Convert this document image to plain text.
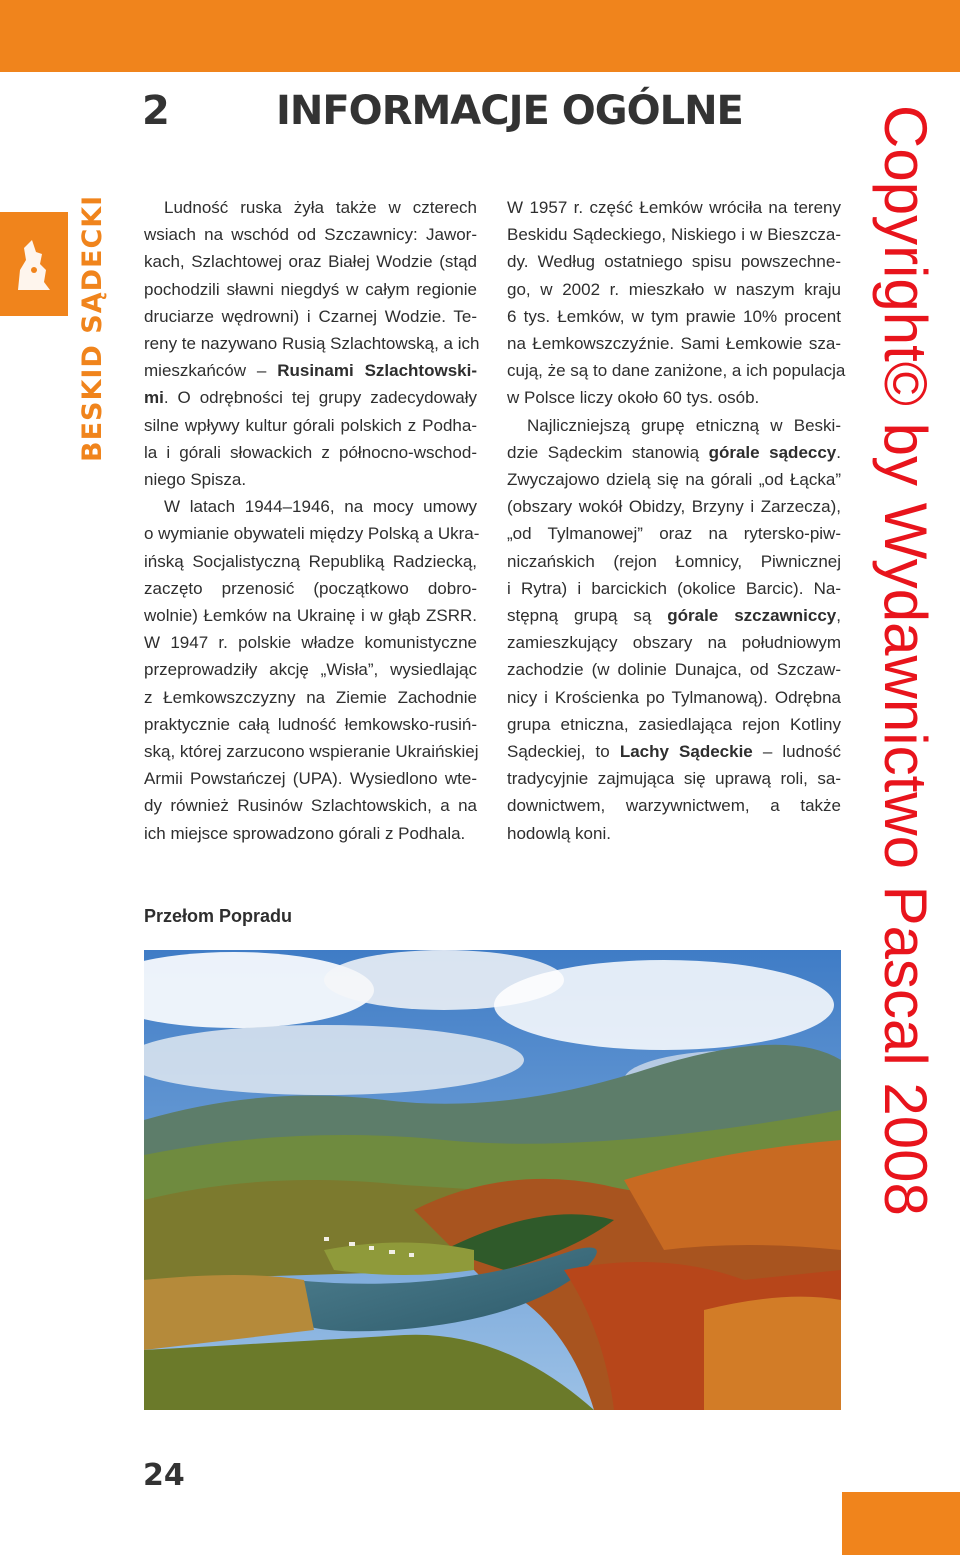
BESKID SĄDECKI
2	INFORMACJE OGÓLNE

Ludność ruska żyła także w czterech
wsiach na wschód od Szczawnicy: Jawor-
kach, Szlachtowej oraz Białej Wodzie (stąd
pochodzili sławni niegdyś w całym regionie
druciarze wędrowni) i Czarnej Wodzie. Te-
reny te nazywano Rusią Szlachtowską, a ich
mieszkańców – Rusinami Szlachtowski-
mi. O odrębności tej grupy zadecydowały
silne wpływy kultur górali polskich z Podha-
la i górali słowackich z północno-wschod-
niego Spisza.

W latach 1944–1946, na mocy umowy
o wymianie obywateli między Polską a Ukra-
ińską Socjalistyczną Republiką Radziecką,
zaczęto przenosić (początkowo dobro-
wolnie) Łemków na Ukrainę i w głąb ZSRR.
W 1947 r. polskie władze komunistyczne
przeprowadziły akcję „Wisła”, wysiedlając
z Łemkowszczyzny na Ziemie Zachodnie
praktycznie całą ludność łemkowsko-rusiń-
ską, której zarzucono wspieranie Ukraińskiej
Armii Powstańczej (UPA). Wysiedlono wte-
dy również Rusinów Szlachtowskich, a na
ich miejsce sprowadzono górali z Podhala.

W 1957 r. część Łemków wróciła na tereny
Beskidu Sądeckiego, Niskiego i w Bieszcza-
dy. Według ostatniego spisu powszechne-
go, w 2002 r. mieszkało w naszym kraju
6 tys. Łemków, w tym prawie 10% procent
na Łemkowszczyźnie. Sami Łemkowie sza-
cują, że są to dane zaniżone, a ich populacja
w Polsce liczy około 60 tys. osób.

Najliczniejszą grupę etniczną w Beski-
dzie Sądeckim stanowią górale sądeccy.
Zwyczajowo dzielą się na górali „od Łącka”
(obszary wokół Obidzy, Brzyny i Zarzecza),
„od Tylmanowej” oraz na rytersko-piw-
niczańskich (rejon Łomnicy, Piwnicznej
i Rytra) i barcickich (okolice Barcic). Na-
stępną grupą są górale szczawniccy,
zamieszkujący obszary na południowym
zachodzie (w dolinie Dunajca, od Szczaw-
nicy i Krościenka po Tylmanową). Odrębna
grupa etniczna, zasiedlająca rejon Kotliny
Sądeckiej, to Lachy Sądeckie – ludność
tradycyjnie zajmująca się uprawą roli, sa-
downictwem, warzywnictwem, a także
hodowlą koni.

Przełom Popradu
24
Copyright© by Wydawnictwo Pascal 2008
